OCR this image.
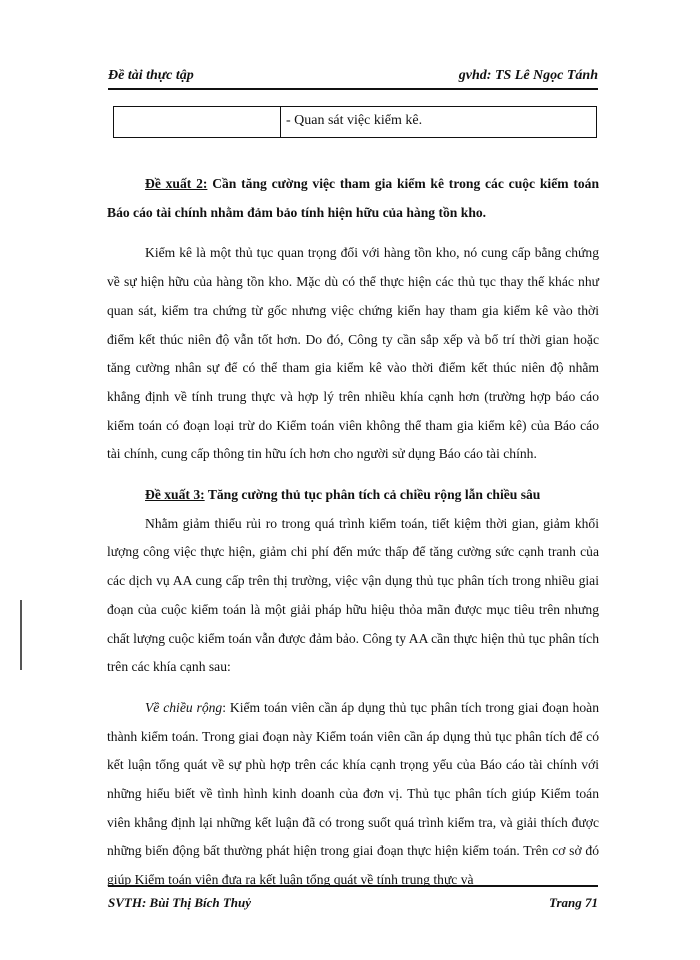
Đề tài thực tập	gvhd: TS Lê Ngọc Tánh
- Quan sát việc kiểm kê.

Đề xuất 2: Cần tăng cường việc tham gia kiểm kê trong các cuộc kiểm toán Báo cáo tài chính nhằm đảm bảo tính hiện hữu của hàng tồn kho.

Kiểm kê là một thủ tục quan trọng đối với hàng tồn kho, nó cung cấp bằng chứng về sự hiện hữu của hàng tồn kho. Mặc dù có thể thực hiện các thủ tục thay thế khác như quan sát, kiểm tra chứng từ gốc nhưng việc chứng kiến hay tham gia kiểm kê vào thời điểm kết thúc niên độ vẫn tốt hơn. Do đó, Công ty cần sắp xếp và bố trí thời gian hoặc tăng cường nhân sự để có thể tham gia kiểm kê vào thời điểm kết thúc niên độ nhằm khẳng định về tính trung thực và hợp lý trên nhiều khía cạnh hơn (trường hợp báo cáo kiểm toán có đoạn loại trừ do Kiểm toán viên không thể tham gia kiểm kê) của Báo cáo tài chính, cung cấp thông tin hữu ích hơn cho người sử dụng Báo cáo tài chính.

Đề xuất 3: Tăng cường thủ tục phân tích cả chiều rộng lẫn chiều sâu

Nhằm giảm thiểu rủi ro trong quá trình kiểm toán, tiết kiệm thời gian, giảm khối lượng công việc thực hiện, giảm chi phí đến mức thấp để tăng cường sức cạnh tranh của các dịch vụ AA cung cấp trên thị trường, việc vận dụng thủ tục phân tích trong nhiều giai đoạn của cuộc kiểm toán là một giải pháp hữu hiệu thỏa mãn được mục tiêu trên nhưng chất lượng cuộc kiểm toán vẫn được đảm bảo. Công ty AA cần thực hiện thủ tục phân tích trên các khía cạnh sau:

Về chiều rộng: Kiểm toán viên cần áp dụng thủ tục phân tích trong giai đoạn hoàn thành kiểm toán. Trong giai đoạn này Kiểm toán viên cần áp dụng thủ tục phân tích để có kết luận tổng quát về sự phù hợp trên các khía cạnh trọng yếu của Báo cáo tài chính với những hiểu biết về tình hình kinh doanh của đơn vị. Thủ tục phân tích giúp Kiểm toán viên khẳng định lại những kết luận đã có trong suốt quá trình kiểm tra, và giải thích được những biến động bất thường phát hiện trong giai đoạn thực hiện kiểm toán. Trên cơ sở đó giúp Kiểm toán viên đưa ra kết luận tổng quát về tính trung thực và

SVTH: Bùi Thị Bích Thuỷ	Trang 71
